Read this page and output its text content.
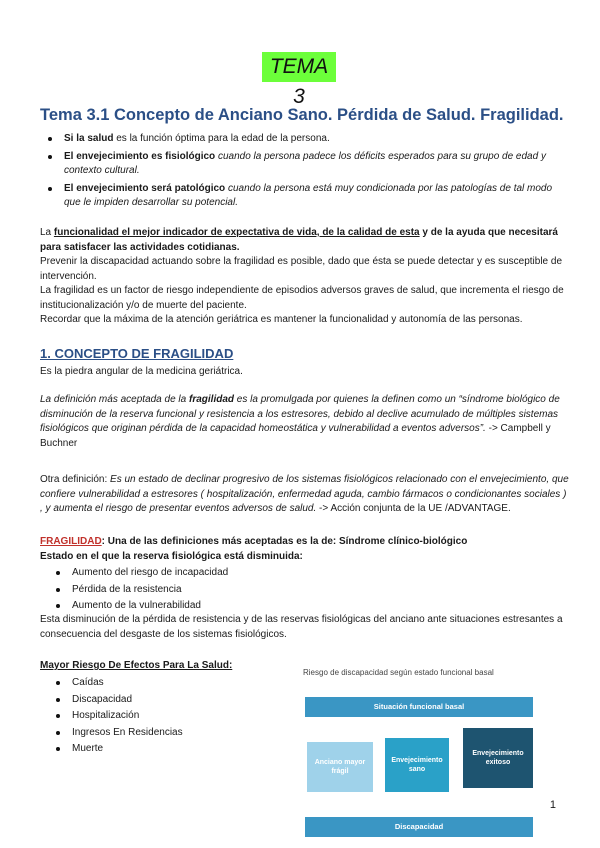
TEMA 3
Tema 3.1 Concepto de Anciano Sano. Pérdida de Salud. Fragilidad.
Si la salud es la función óptima para la edad de la persona.
El envejecimiento es fisiológico cuando la persona padece los déficits esperados para su grupo de edad y contexto cultural.
El envejecimiento será patológico cuando la persona está muy condicionada por las patologías de tal modo que le impiden desarrollar su potencial.
La funcionalidad el mejor indicador de expectativa de vida, de la calidad de esta y de la ayuda que necesitará para satisfacer las actividades cotidianas.
Prevenir la discapacidad actuando sobre la fragilidad es posible, dado que ésta se puede detectar y es susceptible de intervención.
La fragilidad es un factor de riesgo independiente de episodios adversos graves de salud, que incrementa el riesgo de institucionalización y/o de muerte del paciente.
Recordar que la máxima de la atención geriátrica es mantener la funcionalidad y autonomía de las personas.
1. CONCEPTO DE FRAGILIDAD
Es la piedra angular de la medicina geriátrica.
La definición más aceptada de la fragilidad es la promulgada por quienes la definen como un “síndrome biológico de disminución de la reserva funcional y resistencia a los estresores, debido al declive acumulado de múltiples sistemas fisiológicos que originan pérdida de la capacidad homeostática y vulnerabilidad a eventos adversos”. -> Campbell y Buchner
Otra definición: Es un estado de declinar progresivo de los sistemas fisiológicos relacionado con el envejecimiento, que confiere vulnerabilidad a estresores ( hospitalización, enfermedad aguda, cambio fármacos o condicionantes sociales ) , y aumenta el riesgo de presentar eventos adversos de salud. -> Acción conjunta de la UE /ADVANTAGE.
FRAGILIDAD: Una de las definiciones más aceptadas es la de: Síndrome clínico-biológico
Estado en el que la reserva fisiológica está disminuida:
Aumento del riesgo de incapacidad
Pérdida de la resistencia
Aumento de la vulnerabilidad
Esta disminución de la pérdida de resistencia y de las reservas fisiológicas del anciano ante situaciones estresantes a consecuencia del desgaste de los sistemas fisiológicos.
Mayor Riesgo De Efectos Para La Salud:
Caídas
Discapacidad
Hospitalización
Ingresos En Residencias
Muerte
Riesgo de discapacidad según estado funcional basal
Situación funcional basal
Anciano mayor frágil
Envejecimiento sano
Envejecimiento exitoso
Discapacidad
1
